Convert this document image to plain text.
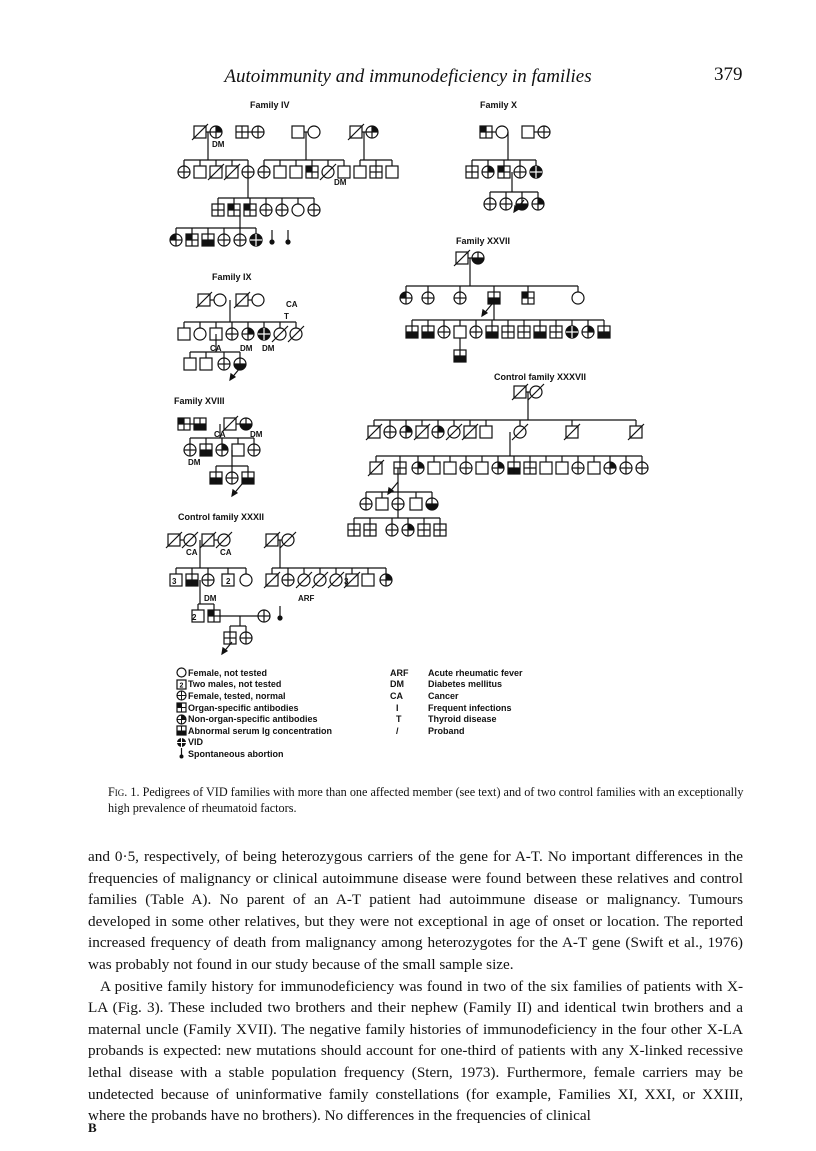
Autoimmunity and immunodeficiency in families	379
Family IV	Family X
Family XXVII
Family IX
Control family XXXVII
Family XVIII
Control family XXXII
DM
DM
CA
T
CA DM DM
CA	DM
DM
CA	CA
DM	ARF
3	2	3
2
Female, not tested
2 Two males, not tested
Female, tested, normal
Organ-specific antibodies
Non-organ-specific antibodies
Abnormal serum Ig concentration
VID
Spontaneous abortion
ARF	Acute rheumatic fever
DM	Diabetes mellitus
CA	Cancer
I	Frequent infections
T	Thyroid disease
/	Proband
Fig. 1. Pedigrees of VID families with more than one affected member (see text) and of two control families with an exceptionally high prevalence of rheumatoid factors.

and 0·5, respectively, of being heterozygous carriers of the gene for A-T. No important differences in the frequencies of malignancy or clinical autoimmune disease were found between these relatives and control families (Table A). No parent of an A-T patient had autoimmune disease or malignancy. Tumours developed in some other relatives, but they were not exceptional in age of onset or location. The reported increased frequency of death from malignancy among heterozygotes for the A-T gene (Swift et al., 1976) was probably not found in our study because of the small sample size.

A positive family history for immunodeficiency was found in two of the six families of patients with X-LA (Fig. 3). These included two brothers and their nephew (Family II) and identical twin brothers and a maternal uncle (Family XVII). The negative family histories of immunodeficiency in the four other X-LA probands is expected: new mutations should account for one-third of patients with any X-linked recessive lethal disease with a stable population frequency (Stern, 1973). Furthermore, female carriers may be undetected because of uninformative family constellations (for example, Families XI, XXI, or XXIII, where the probands have no brothers). No differences in the frequencies of clinical

B
